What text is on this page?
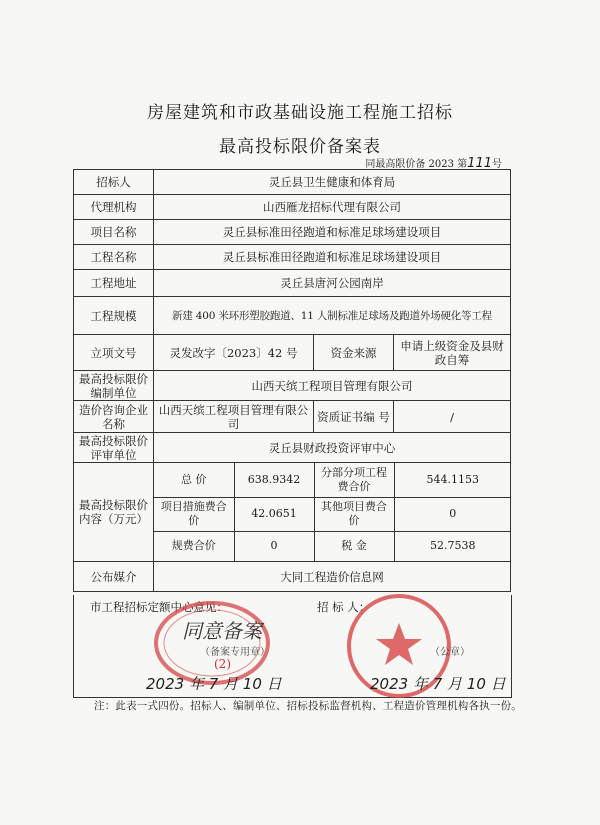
房屋建筑和市政基础设施工程施工招标
最高投标限价备案表
同最高限价备 2023 第111号
招标人	灵丘县卫生健康和体育局
代理机构	山西雁龙招标代理有限公司
项目名称	灵丘县标准田径跑道和标准足球场建设项目
工程名称	灵丘县标准田径跑道和标准足球场建设项目
工程地址	灵丘县唐河公园南岸
工程规模	新建 400 米环形塑胶跑道、11 人制标准足球场及跑道外场硬化等工程
立项文号	灵发改字〔2023〕42 号	资金来源	申请上级资金及县财政自筹
最高投标限价编制单位	山西天缤工程项目管理有限公司
造价咨询企业名称	山西天缤工程项目管理有限公司	资质证书编 号	/
最高投标限价评审单位	灵丘县财政投资评审中心
最高投标限价内容（万元）	
总 价	638.9342	分部分项工程费合价	544.1153
项目措施费合 价	42.0651	其他项目费合价	0
规费合价	0	税 金	52.7538

公布媒介	大同工程造价信息网
市工程招标定额中心意见：	招 标 人：
同意备案
（备案专用章）
(2)
（公章）
2023 年 7 月 10 日	2023 年 7 月 10 日
注：此表一式四份。招标人、编制单位、招标投标监督机构、工程造价管理机构各执一份。
